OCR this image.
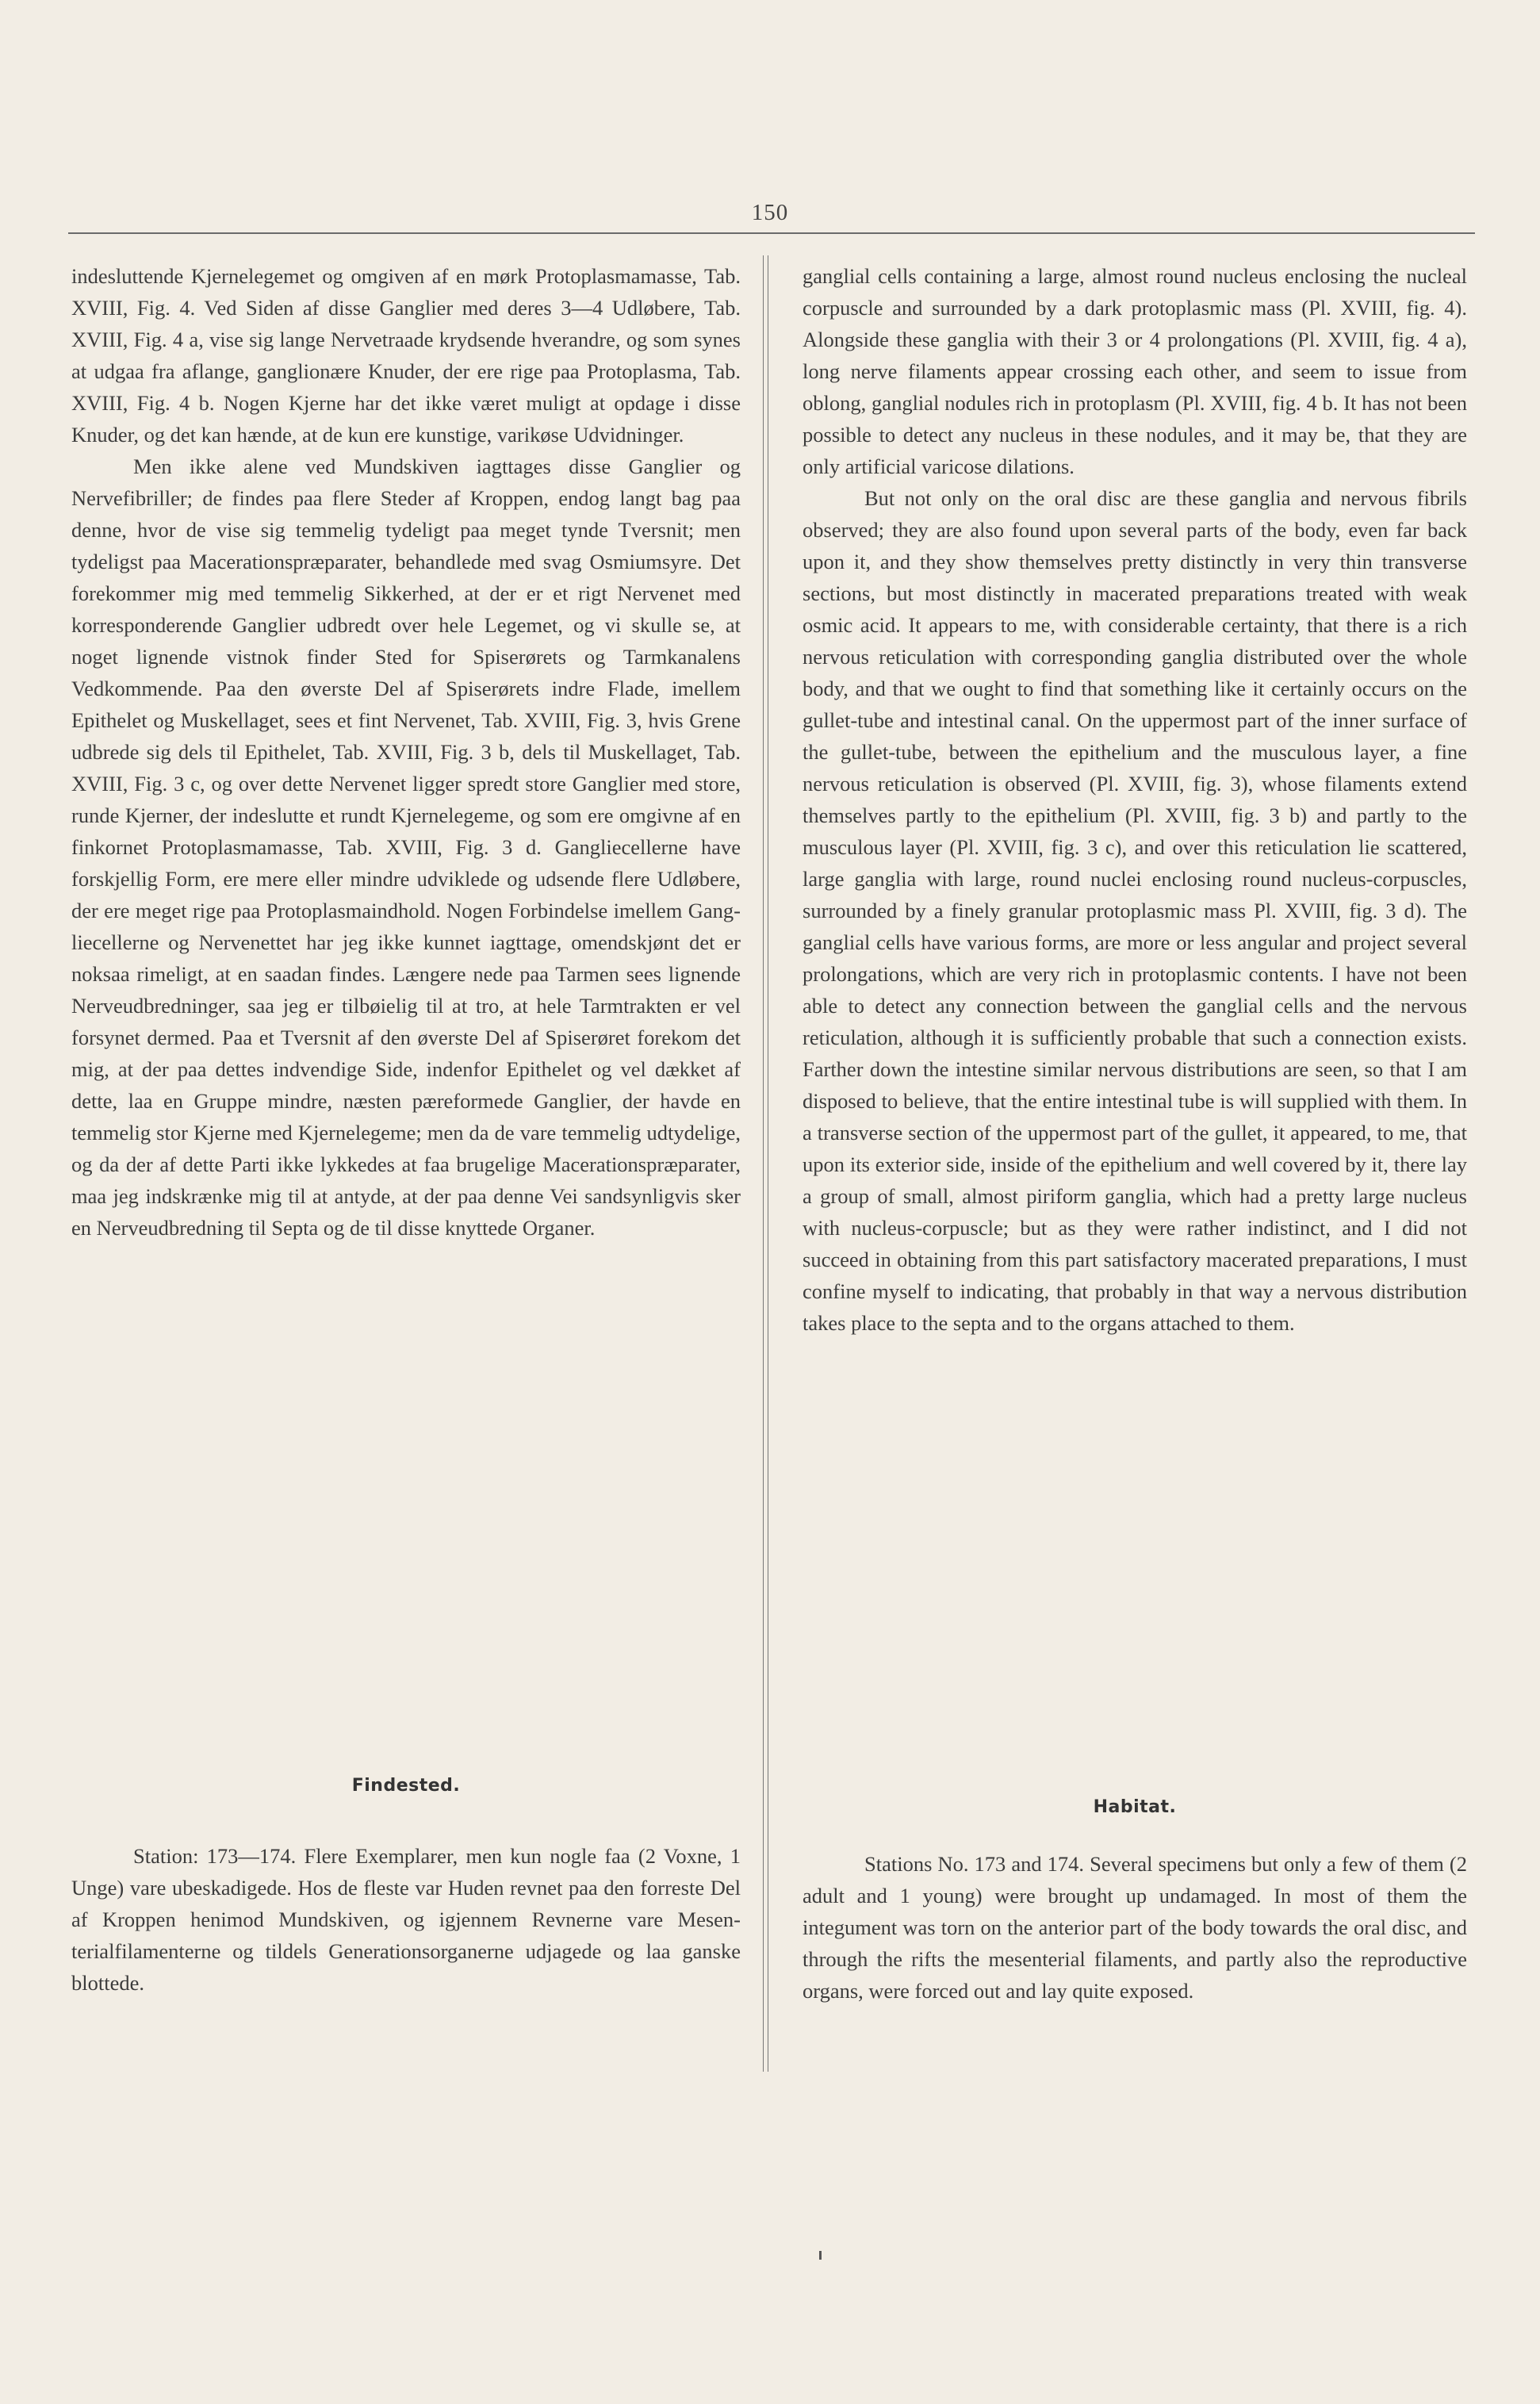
150

indesluttende Kjernelegemet og omgiven af en mørk Protoplasmamasse, Tab. XVIII, Fig. 4. Ved Siden af disse Ganglier med deres 3—4 Udløbere, Tab. XVIII, Fig. 4 a, vise sig lange Nervetraade krydsende hverandre, og som synes at udgaa fra aflange, ganglionære Knuder, der ere rige paa Protoplasma, Tab. XVIII, Fig. 4 b. Nogen Kjerne har det ikke været muligt at opdage i disse Knuder, og det kan hænde, at de kun ere kunstige, varikøse Udvidninger.

Men ikke alene ved Mundskiven iagttages disse Ganglier og Nervefibriller; de findes paa flere Steder af Kroppen, endog langt bag paa denne, hvor de vise sig temmelig tydeligt paa meget tynde Tversnit; men tydeligst paa Macerationspræparater, behandlede med svag Osmiumsyre. Det forekommer mig med temmelig Sikkerhed, at der er et rigt Nervenet med korresponderende Ganglier udbredt over hele Legemet, og vi skulle se, at noget lignende vistnok finder Sted for Spiserørets og Tarmkanalens Vedkommende. Paa den øverste Del af Spiserørets indre Flade, imellem Epithelet og Muskellaget, sees et fint Nervenet, Tab. XVIII, Fig. 3, hvis Grene udbrede sig dels til Epithelet, Tab. XVIII, Fig. 3 b, dels til Muskellaget, Tab. XVIII, Fig. 3 c, og over dette Nervenet ligger spredt store Ganglier med store, runde Kjerner, der indeslutte et rundt Kjernelegeme, og som ere omgivne af en finkornet Protoplasmamasse, Tab. XVIII, Fig. 3 d. Gangliecellerne have forskjellig Form, ere mere eller mindre udviklede og udsende flere Udløbere, der ere meget rige paa Protoplasmaindhold. Nogen Forbindelse imellem Gangliecellerne og Nervenettet har jeg ikke kunnet iagttage, omendskjønt det er noksaa rimeligt, at en saadan findes. Længere nede paa Tarmen sees lignende Nerveudbredninger, saa jeg er tilbøielig til at tro, at hele Tarmtrakten er vel forsynet dermed. Paa et Tversnit af den øverste Del af Spiserøret forekom det mig, at der paa dettes indvendige Side, indenfor Epithelet og vel dækket af dette, laa en Gruppe mindre, næsten pæreformede Ganglier, der havde en temmelig stor Kjerne med Kjernelegeme; men da de vare temmelig udtydelige, og da der af dette Parti ikke lykkedes at faa brugelige Macerationspræparater, maa jeg indskrænke mig til at antyde, at der paa denne Vei sandsynligvis sker en Nerveudbredning til Septa og de til disse knyttede Organer.

ganglial cells containing a large, almost round nucleus enclosing the nucleal corpuscle and surrounded by a dark protoplasmic mass (Pl. XVIII, fig. 4). Alongside these ganglia with their 3 or 4 prolongations (Pl. XVIII, fig. 4 a), long nerve filaments appear crossing each other, and seem to issue from oblong, ganglial nodules rich in protoplasm (Pl. XVIII, fig. 4 b. It has not been possible to detect any nucleus in these nodules, and it may be, that they are only artificial varicose dilations.

But not only on the oral disc are these ganglia and nervous fibrils observed; they are also found upon several parts of the body, even far back upon it, and they show themselves pretty distinctly in very thin transverse sections, but most distinctly in macerated preparations treated with weak osmic acid. It appears to me, with considerable certainty, that there is a rich nervous reticulation with corresponding ganglia distributed over the whole body, and that we ought to find that something like it certainly occurs on the gullet-tube and intestinal canal. On the uppermost part of the inner surface of the gullet-tube, between the epithelium and the musculous layer, a fine nervous reticulation is observed (Pl. XVIII, fig. 3), whose filaments extend themselves partly to the epithelium (Pl. XVIII, fig. 3 b) and partly to the musculous layer (Pl. XVIII, fig. 3 c), and over this reticulation lie scattered, large ganglia with large, round nuclei enclosing round nucleus-corpuscles, surrounded by a finely granular protoplasmic mass Pl. XVIII, fig. 3 d). The ganglial cells have various forms, are more or less angular and project several prolongations, which are very rich in protoplasmic contents. I have not been able to detect any connection between the ganglial cells and the nervous reticulation, although it is sufficiently probable that such a connection exists. Farther down the intestine similar nervous distributions are seen, so that I am disposed to believe, that the entire intestinal tube is will supplied with them. In a transverse section of the uppermost part of the gullet, it appeared, to me, that upon its exterior side, inside of the epithelium and well covered by it, there lay a group of small, almost piriform ganglia, which had a pretty large nucleus with nucleus-corpuscle; but as they were rather indistinct, and I did not succeed in obtaining from this part satisfactory macerated preparations, I must confine myself to indicating, that probably in that way a nervous distribution takes place to the septa and to the organs attached to them.

Findested.
Habitat.

Station: 173—174. Flere Exemplarer, men kun nogle faa (2 Voxne, 1 Unge) vare ubeskadigede. Hos de fleste var Huden revnet paa den forreste Del af Kroppen henimod Mundskiven, og igjennem Revnerne vare Mesenterialfilamenterne og tildels Generationsorganerne udjagede og laa ganske blottede.

Stations No. 173 and 174. Several specimens but only a few of them (2 adult and 1 young) were brought up undamaged. In most of them the integument was torn on the anterior part of the body towards the oral disc, and through the rifts the mesenterial filaments, and partly also the reproductive organs, were forced out and lay quite exposed.
